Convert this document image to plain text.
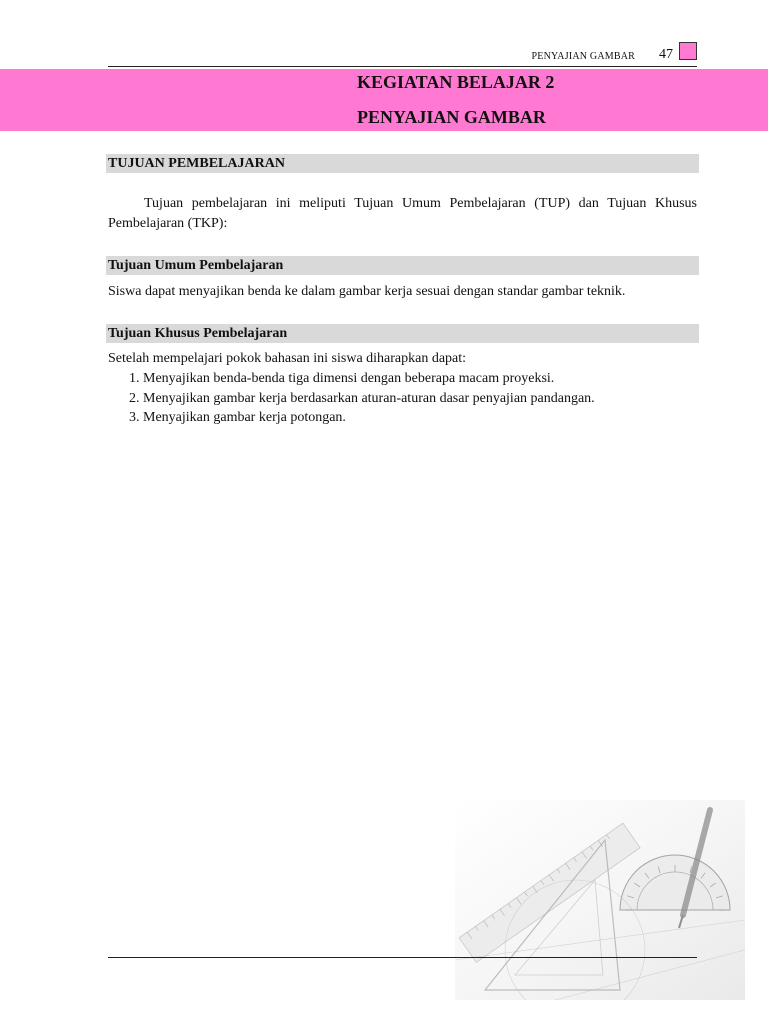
PENYAJIAN GAMBAR 47
KEGIATAN BELAJAR 2
PENYAJIAN GAMBAR
TUJUAN PEMBELAJARAN
Tujuan pembelajaran ini meliputi Tujuan Umum Pembelajaran (TUP) dan Tujuan Khusus Pembelajaran (TKP):
Tujuan Umum Pembelajaran
Siswa dapat menyajikan benda ke dalam gambar kerja sesuai dengan standar gambar teknik.
Tujuan Khusus Pembelajaran
Setelah mempelajari pokok bahasan ini siswa diharapkan dapat:
1. Menyajikan benda-benda tiga dimensi dengan beberapa macam proyeksi.
2. Menyajikan gambar kerja berdasarkan aturan-aturan dasar penyajian pandangan.
3. Menyajikan gambar kerja potongan.
